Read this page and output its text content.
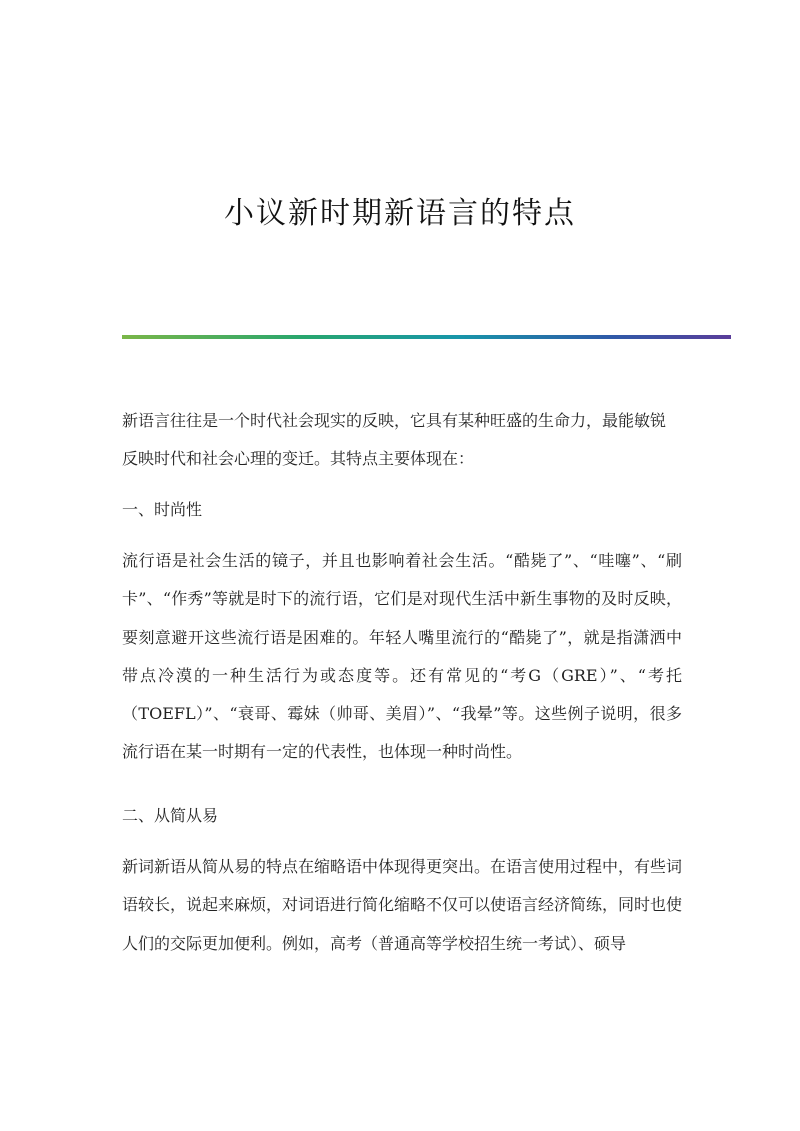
小议新时期新语言的特点

新语言往往是一个时代社会现实的反映，它具有某种旺盛的生命力，最能敏锐

反映时代和社会心理的变迁。其特点主要体现在：

一、时尚性

流行语是社会生活的镜子，并且也影响着社会生活。“酷毙了”、“哇噻”、“刷卡”、“作秀”等就是时下的流行语，它们是对现代生活中新生事物的及时反映，要刻意避开这些流行语是困难的。年轻人嘴里流行的“酷毙了”，就是指潇洒中带点冷漠的一种生活行为或态度等。还有常见的“考G（GRE）”、“考托（TOEFL）”、“衰哥、霉妹（帅哥、美眉）”、“我晕”等。这些例子说明，很多流行语在某一时期有一定的代表性，也体现一种时尚性。

二、从简从易

新词新语从简从易的特点在缩略语中体现得更突出。在语言使用过程中，有些词语较长，说起来麻烦，对词语进行简化缩略不仅可以使语言经济简练，同时也使人们的交际更加便利。例如，高考（普通高等学校招生统一考试）、硕导
